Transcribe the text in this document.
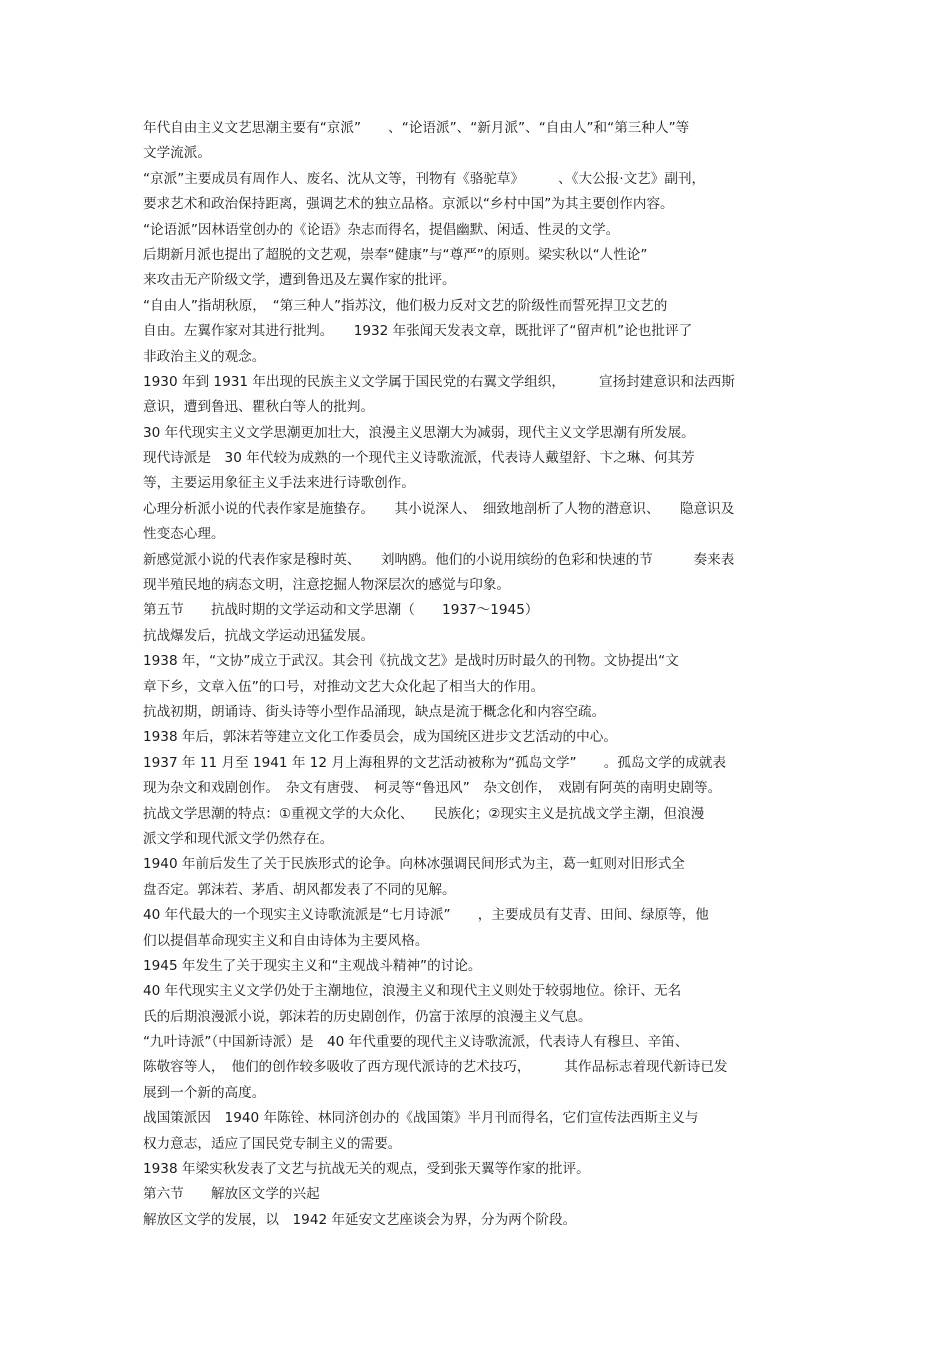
年代自由主义文艺思潮主要有“京派”　　、“论语派”、“新月派”、“自由人”和“第三种人”等
文学流派。
“京派”主要成员有周作人、废名、沈从文等，刊物有《骆驼草》　　　、《大公报·文艺》副刊，
要求艺术和政治保持距离，强调艺术的独立品格。京派以“乡村中国”为其主要创作内容。
“论语派”因林语堂创办的《论语》杂志而得名，提倡幽默、闲适、性灵的文学。
后期新月派也提出了超脱的文艺观，崇奉“健康”与“尊严”的原则。梁实秋以“人性论”
来攻击无产阶级文学，遭到鲁迅及左翼作家的批评。
“自由人”指胡秋原，　“第三种人”指苏汶，他们极力反对文艺的阶级性而誓死捍卫文艺的
自由。左翼作家对其进行批判。　　1932 年张闻天发表文章，既批评了“留声机”论也批评了
非政治主义的观念。
1930 年到 1931 年出现的民族主义文学属于国民党的右翼文学组织，　　　宣扬封建意识和法西斯
意识，遭到鲁迅、瞿秋白等人的批判。
30 年代现实主义文学思潮更加壮大，浪漫主义思潮大为减弱，现代主义文学思潮有所发展。
现代诗派是　30 年代较为成熟的一个现代主义诗歌流派，代表诗人戴望舒、卞之琳、何其芳
等，主要运用象征主义手法来进行诗歌创作。
心理分析派小说的代表作家是施蛰存。　　其小说深人、　细致地剖析了人物的潜意识、　　隐意识及
性变态心理。
新感觉派小说的代表作家是穆时英、　　刘呐鸥。他们的小说用缤纷的色彩和快速的节　　　奏来表
现半殖民地的病态文明，注意挖掘人物深层次的感觉与印象。
第五节　　抗战时期的文学运动和文学思潮（　　1937～1945）
抗战爆发后，抗战文学运动迅猛发展。
1938 年，“文协”成立于武汉。其会刊《抗战文艺》是战时历时最久的刊物。文协提出“文
章下乡，文章入伍”的口号，对推动文艺大众化起了相当大的作用。
抗战初期，朗诵诗、街头诗等小型作品涌现，缺点是流于概念化和内容空疏。
1938 年后，郭沫若等建立文化工作委员会，成为国统区进步文艺活动的中心。
1937 年 11 月至 1941 年 12 月上海租界的文艺活动被称为“孤岛文学”　　。孤岛文学的成就表
现为杂文和戏剧创作。　杂文有唐弢、　柯灵等“鲁迅风”　杂文创作，　戏剧有阿英的南明史剧等。
抗战文学思潮的特点：①重视文学的大众化、　　民族化；②现实主义是抗战文学主潮，但浪漫
派文学和现代派文学仍然存在。
1940 年前后发生了关于民族形式的论争。向林冰强调民间形式为主，葛一虹则对旧形式全
盘否定。郭沫若、茅盾、胡风都发表了不同的见解。
40 年代最大的一个现实主义诗歌流派是“七月诗派”　　，主要成员有艾青、田间、绿原等，他
们以提倡革命现实主义和自由诗体为主要风格。
1945 年发生了关于现实主义和“主观战斗精神”的讨论。
40 年代现实主义文学仍处于主潮地位，浪漫主义和现代主义则处于较弱地位。徐讦、无名
氏的后期浪漫派小说，郭沫若的历史剧创作，仍富于浓厚的浪漫主义气息。
“九叶诗派”（中国新诗派）是　40 年代重要的现代主义诗歌流派，代表诗人有穆旦、辛笛、
陈敬容等人，　他们的创作较多吸收了西方现代派诗的艺术技巧，　　　其作品标志着现代新诗已发
展到一个新的高度。
战国策派因　1940 年陈铨、林同济创办的《战国策》半月刊而得名，它们宣传法西斯主义与
权力意志，适应了国民党专制主义的需要。
1938 年梁实秋发表了文艺与抗战无关的观点，受到张天翼等作家的批评。
第六节　　解放区文学的兴起
解放区文学的发展，以　1942 年延安文艺座谈会为界，分为两个阶段。
